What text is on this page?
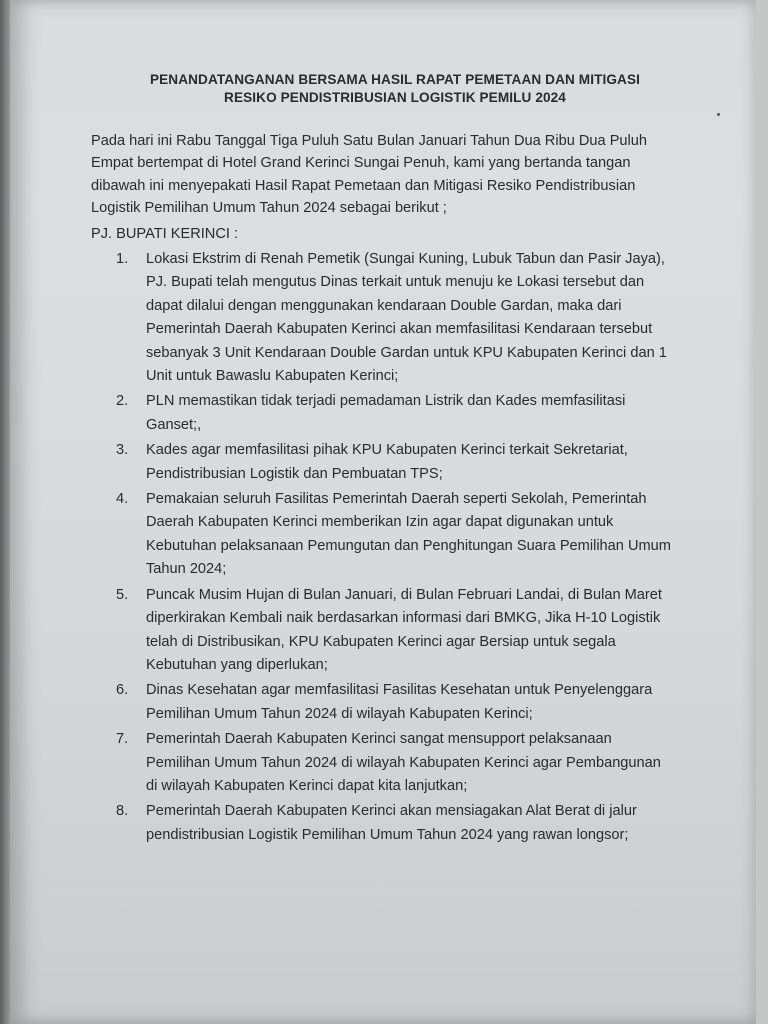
PENANDATANGANAN BERSAMA HASIL RAPAT PEMETAAN DAN MITIGASI
RESIKO PENDISTRIBUSIAN LOGISTIK PEMILU 2024
Pada hari ini Rabu Tanggal Tiga Puluh Satu Bulan Januari Tahun Dua Ribu Dua Puluh
Empat bertempat di Hotel Grand Kerinci Sungai Penuh, kami yang bertanda tangan
dibawah ini menyepakati Hasil Rapat Pemetaan dan Mitigasi Resiko Pendistribusian
Logistik Pemilihan Umum Tahun 2024 sebagai berikut ;
PJ. BUPATI KERINCI :
1. Lokasi Ekstrim di Renah Pemetik (Sungai Kuning, Lubuk Tabun dan Pasir Jaya),
PJ. Bupati telah mengutus Dinas terkait untuk menuju ke Lokasi tersebut dan
dapat dilalui dengan menggunakan kendaraan Double Gardan, maka dari
Pemerintah Daerah Kabupaten Kerinci akan memfasilitasi Kendaraan tersebut
sebanyak 3 Unit Kendaraan Double Gardan untuk KPU Kabupaten Kerinci dan 1
Unit untuk Bawaslu Kabupaten Kerinci;
2. PLN memastikan tidak terjadi pemadaman Listrik dan Kades memfasilitasi
Ganset;,
3. Kades agar memfasilitasi pihak KPU Kabupaten Kerinci terkait Sekretariat,
Pendistribusian Logistik dan Pembuatan TPS;
4. Pemakaian seluruh Fasilitas Pemerintah Daerah seperti Sekolah, Pemerintah
Daerah Kabupaten Kerinci memberikan Izin agar dapat digunakan untuk
Kebutuhan pelaksanaan Pemungutan dan Penghitungan Suara Pemilihan Umum
Tahun 2024;
5. Puncak Musim Hujan di Bulan Januari, di Bulan Februari Landai, di Bulan Maret
diperkirakan Kembali naik berdasarkan informasi dari BMKG, Jika H-10 Logistik
telah di Distribusikan, KPU Kabupaten Kerinci agar Bersiap untuk segala
Kebutuhan yang diperlukan;
6. Dinas Kesehatan agar memfasilitasi Fasilitas Kesehatan untuk Penyelenggara
Pemilihan Umum Tahun 2024 di wilayah Kabupaten Kerinci;
7. Pemerintah Daerah Kabupaten Kerinci sangat mensupport pelaksanaan
Pemilihan Umum Tahun 2024 di wilayah Kabupaten Kerinci agar Pembangunan
di wilayah Kabupaten Kerinci dapat kita lanjutkan;
8. Pemerintah Daerah Kabupaten Kerinci akan mensiagakan Alat Berat di jalur
pendistribusian Logistik Pemilihan Umum Tahun 2024 yang rawan longsor;
